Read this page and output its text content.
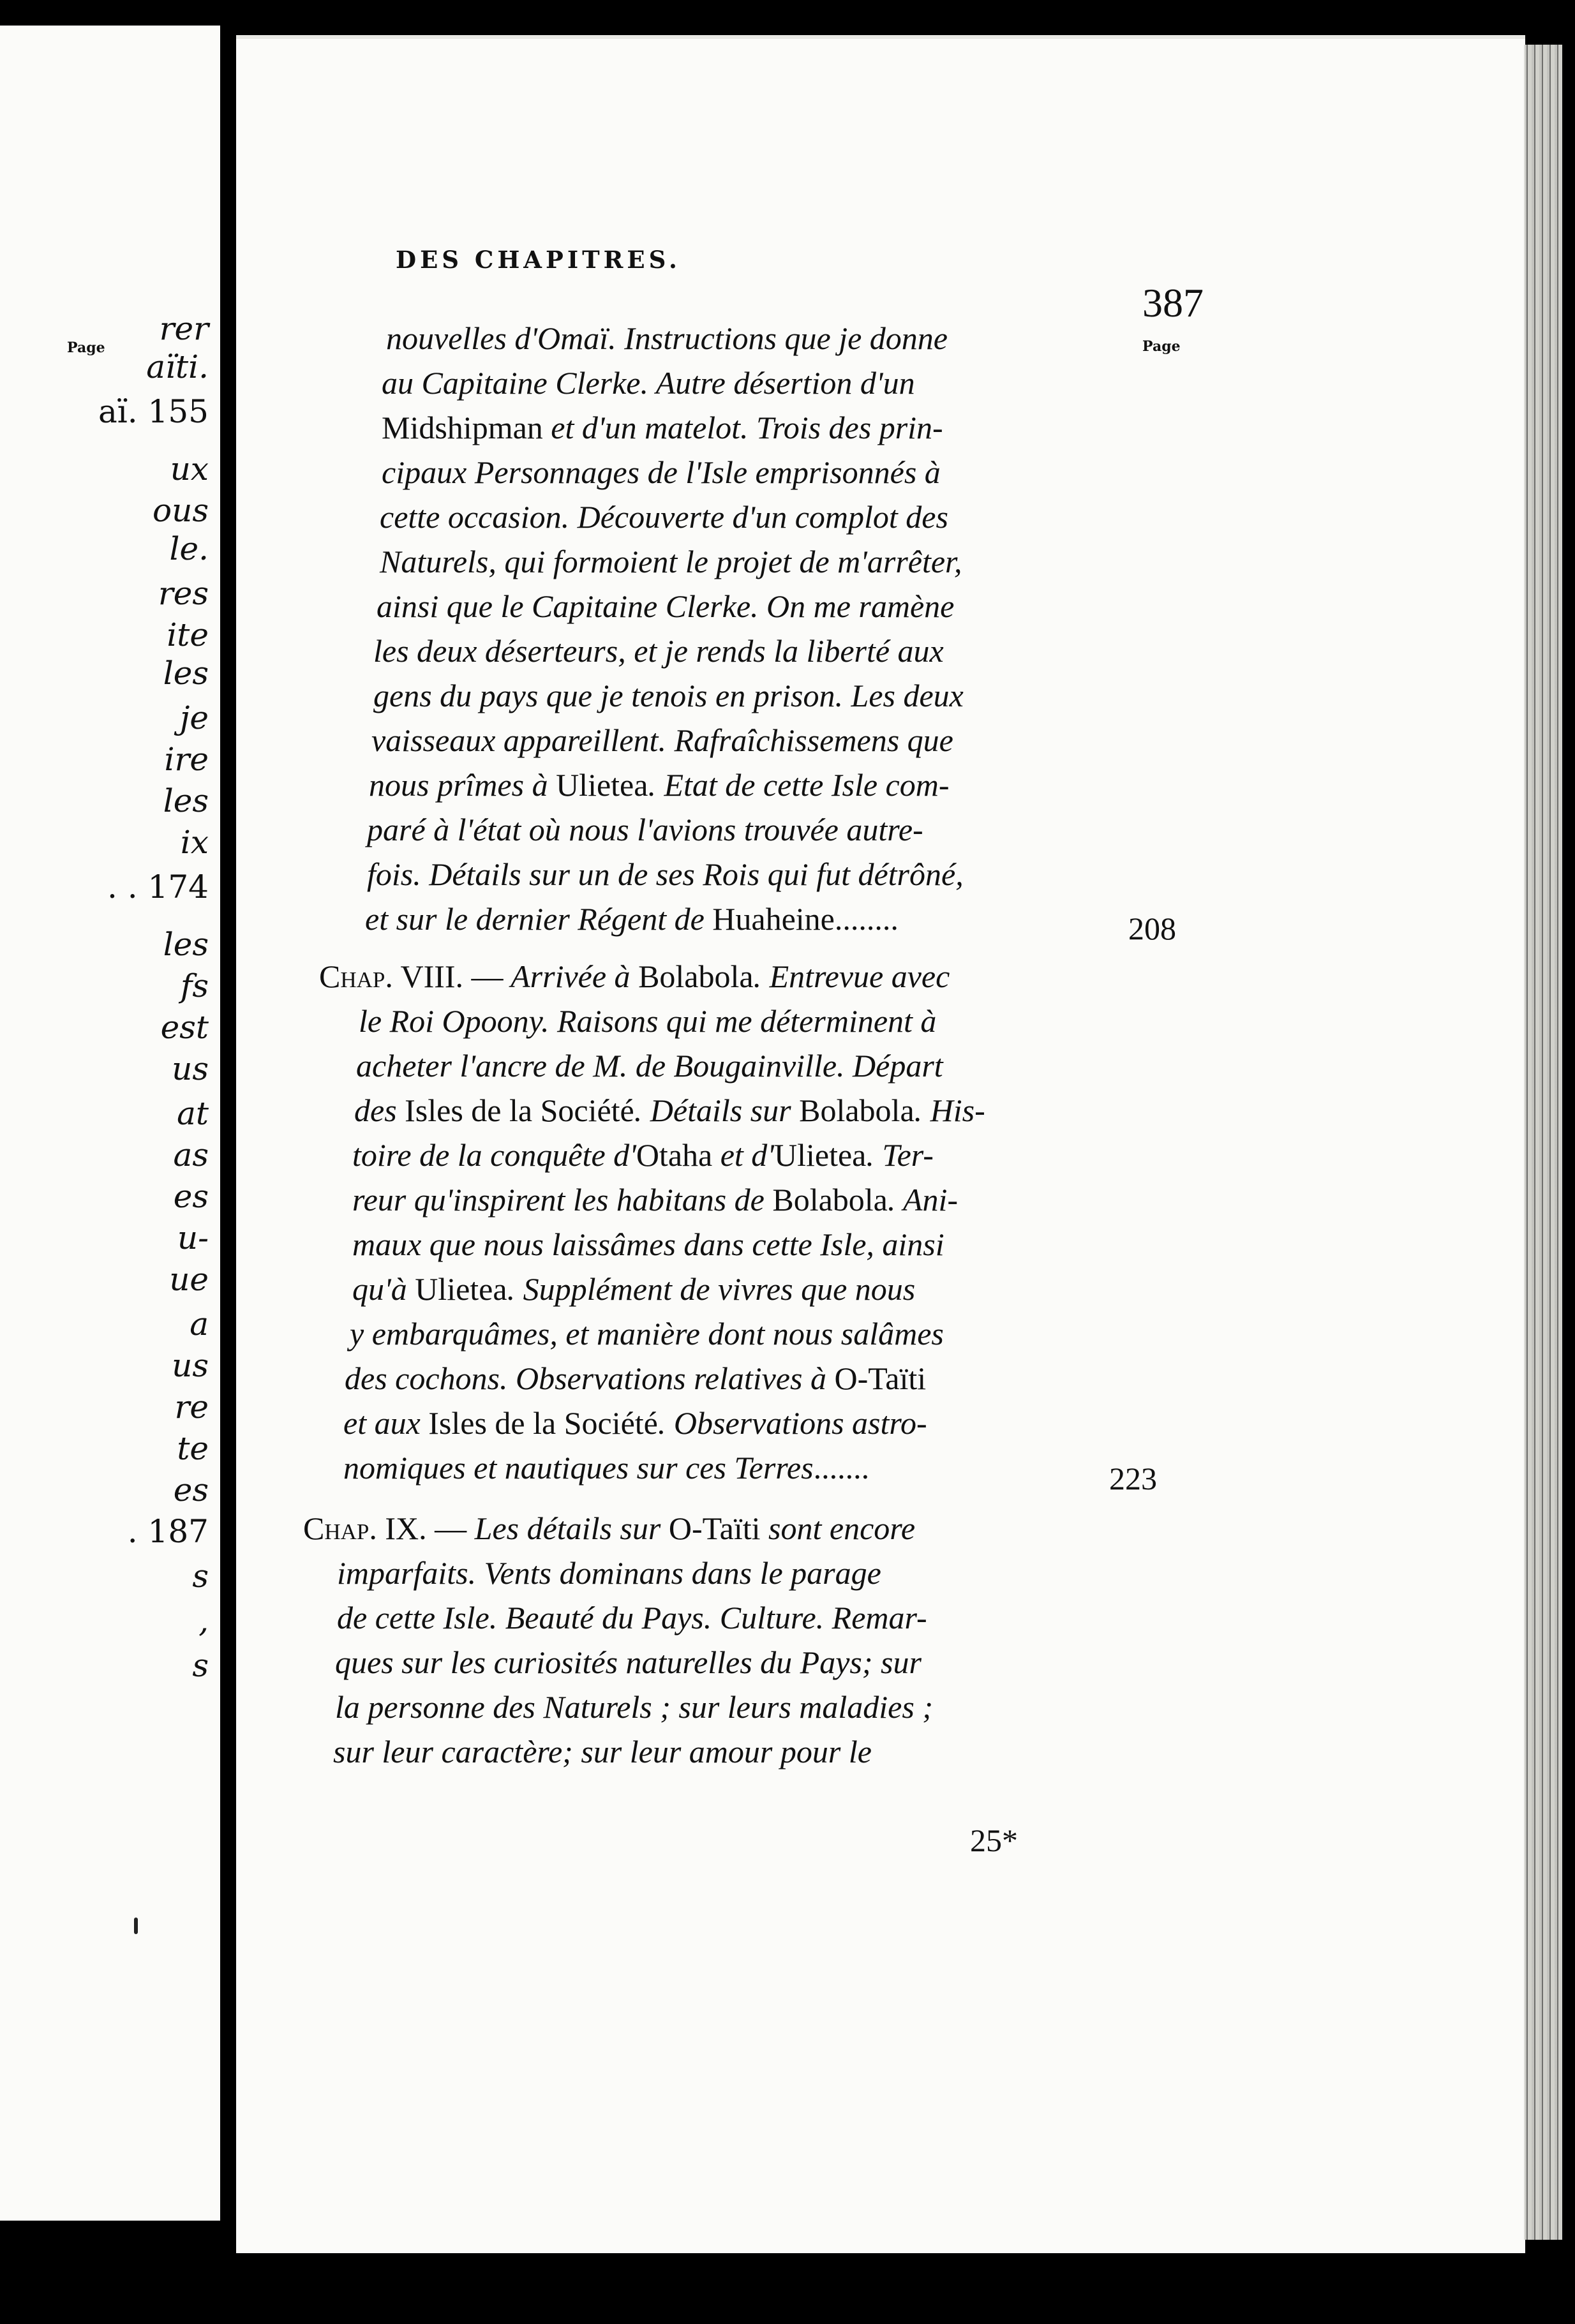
Page
rer
aïti.
aï. 155
ux
ous
le.
res
ite
les
je
ire
les
ix
. . 174
les
fs
est
us
at
as
es
u-
ue
a
us
re
te
es
. 187
s
,
s
DES CHAPITRES.
387
Page
nouvelles d'Omaï. Instructions que je donne
au Capitaine Clerke. Autre désertion d'un
Midshipman et d'un matelot. Trois des prin-
cipaux Personnages de l'Isle emprisonnés à
cette occasion. Découverte d'un complot des
Naturels, qui formoient le projet de m'arrêter,
ainsi que le Capitaine Clerke. On me ramène
les deux déserteurs, et je rends la liberté aux
gens du pays que je tenois en prison. Les deux
vaisseaux appareillent. Rafraîchissemens que
nous prîmes à Ulietea. Etat de cette Isle com-
paré à l'état où nous l'avions trouvée autre-
fois. Détails sur un de ses Rois qui fut détrôné,
et sur le dernier Régent de Huaheine........	208
Chap. VIII. — Arrivée à Bolabola. Entrevue avec
le Roi Opoony. Raisons qui me déterminent à
acheter l'ancre de M. de Bougainville. Départ
des Isles de la Société. Détails sur Bolabola. His-
toire de la conquête d'Otaha et d'Ulietea. Ter-
reur qu'inspirent les habitans de Bolabola. Ani-
maux que nous laissâmes dans cette Isle, ainsi
qu'à Ulietea. Supplément de vivres que nous
y embarquâmes, et manière dont nous salâmes
des cochons. Observations relatives à O-Taïti
et aux Isles de la Société. Observations astro-
nomiques et nautiques sur ces Terres.......	223
Chap. IX. — Les détails sur O-Taïti sont encore
imparfaits. Vents dominans dans le parage
de cette Isle. Beauté du Pays. Culture. Remar-
ques sur les curiosités naturelles du Pays; sur
la personne des Naturels ; sur leurs maladies ;
sur leur caractère; sur leur amour pour le
25*
